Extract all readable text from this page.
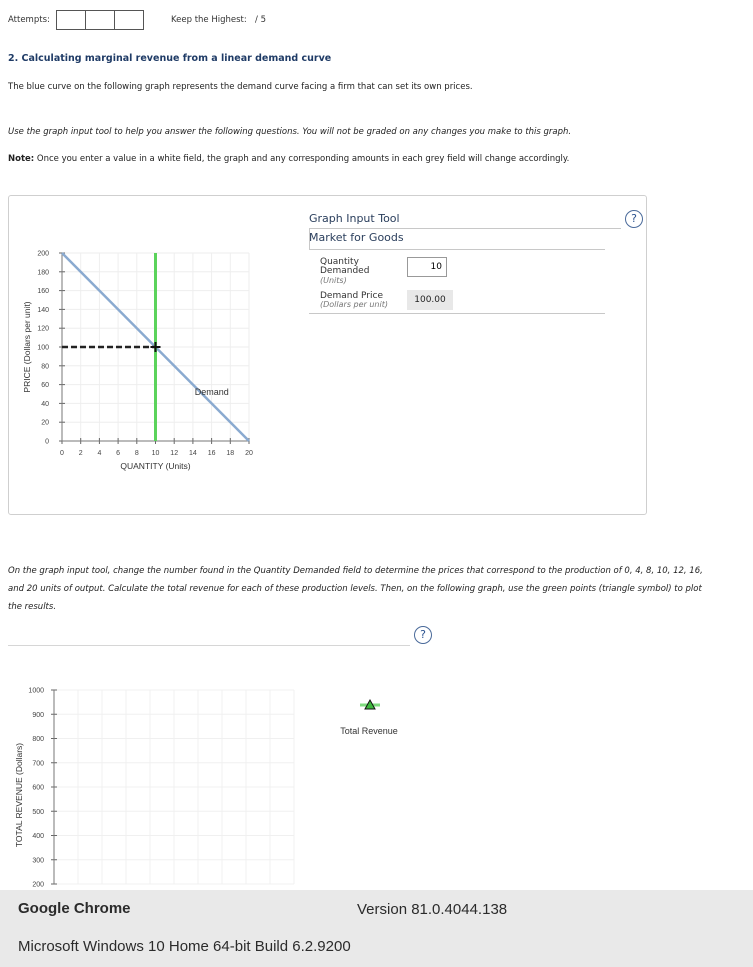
Attempts:	Keep the Highest: / 5
2. Calculating marginal revenue from a linear demand curve
The blue curve on the following graph represents the demand curve facing a firm that can set its own prices.
Use the graph input tool to help you answer the following questions. You will not be graded on any changes you make to this graph.
Note: Once you enter a value in a white field, the graph and any corresponding amounts in each grey field will change accordingly.
0
20
40
60
80
100
120
140
160
180
200
0 2 4 6 8 10 12 14 16 18 20
Demand
QUANTITY (Units)
PRICE (Dollars per unit)
Graph Input Tool
Market for Goods
?
Quantity Demanded
(Units)
10
Demand Price
(Dollars per unit)	100.00
On the graph input tool, change the number found in the Quantity Demanded field to determine the prices that correspond to the production of 0, 4, 8, 10, 12, 16, and 20 units of output. Calculate the total revenue for each of these production levels. Then, on the following graph, use the green points (triangle symbol) to plot the results.
?
200
300
400
500
600
700
800
900
1000
TOTAL REVENUE (Dollars)
Total Revenue
Google Chrome	Version 81.0.4044.138
Microsoft Windows 10 Home 64-bit Build 6.2.9200
